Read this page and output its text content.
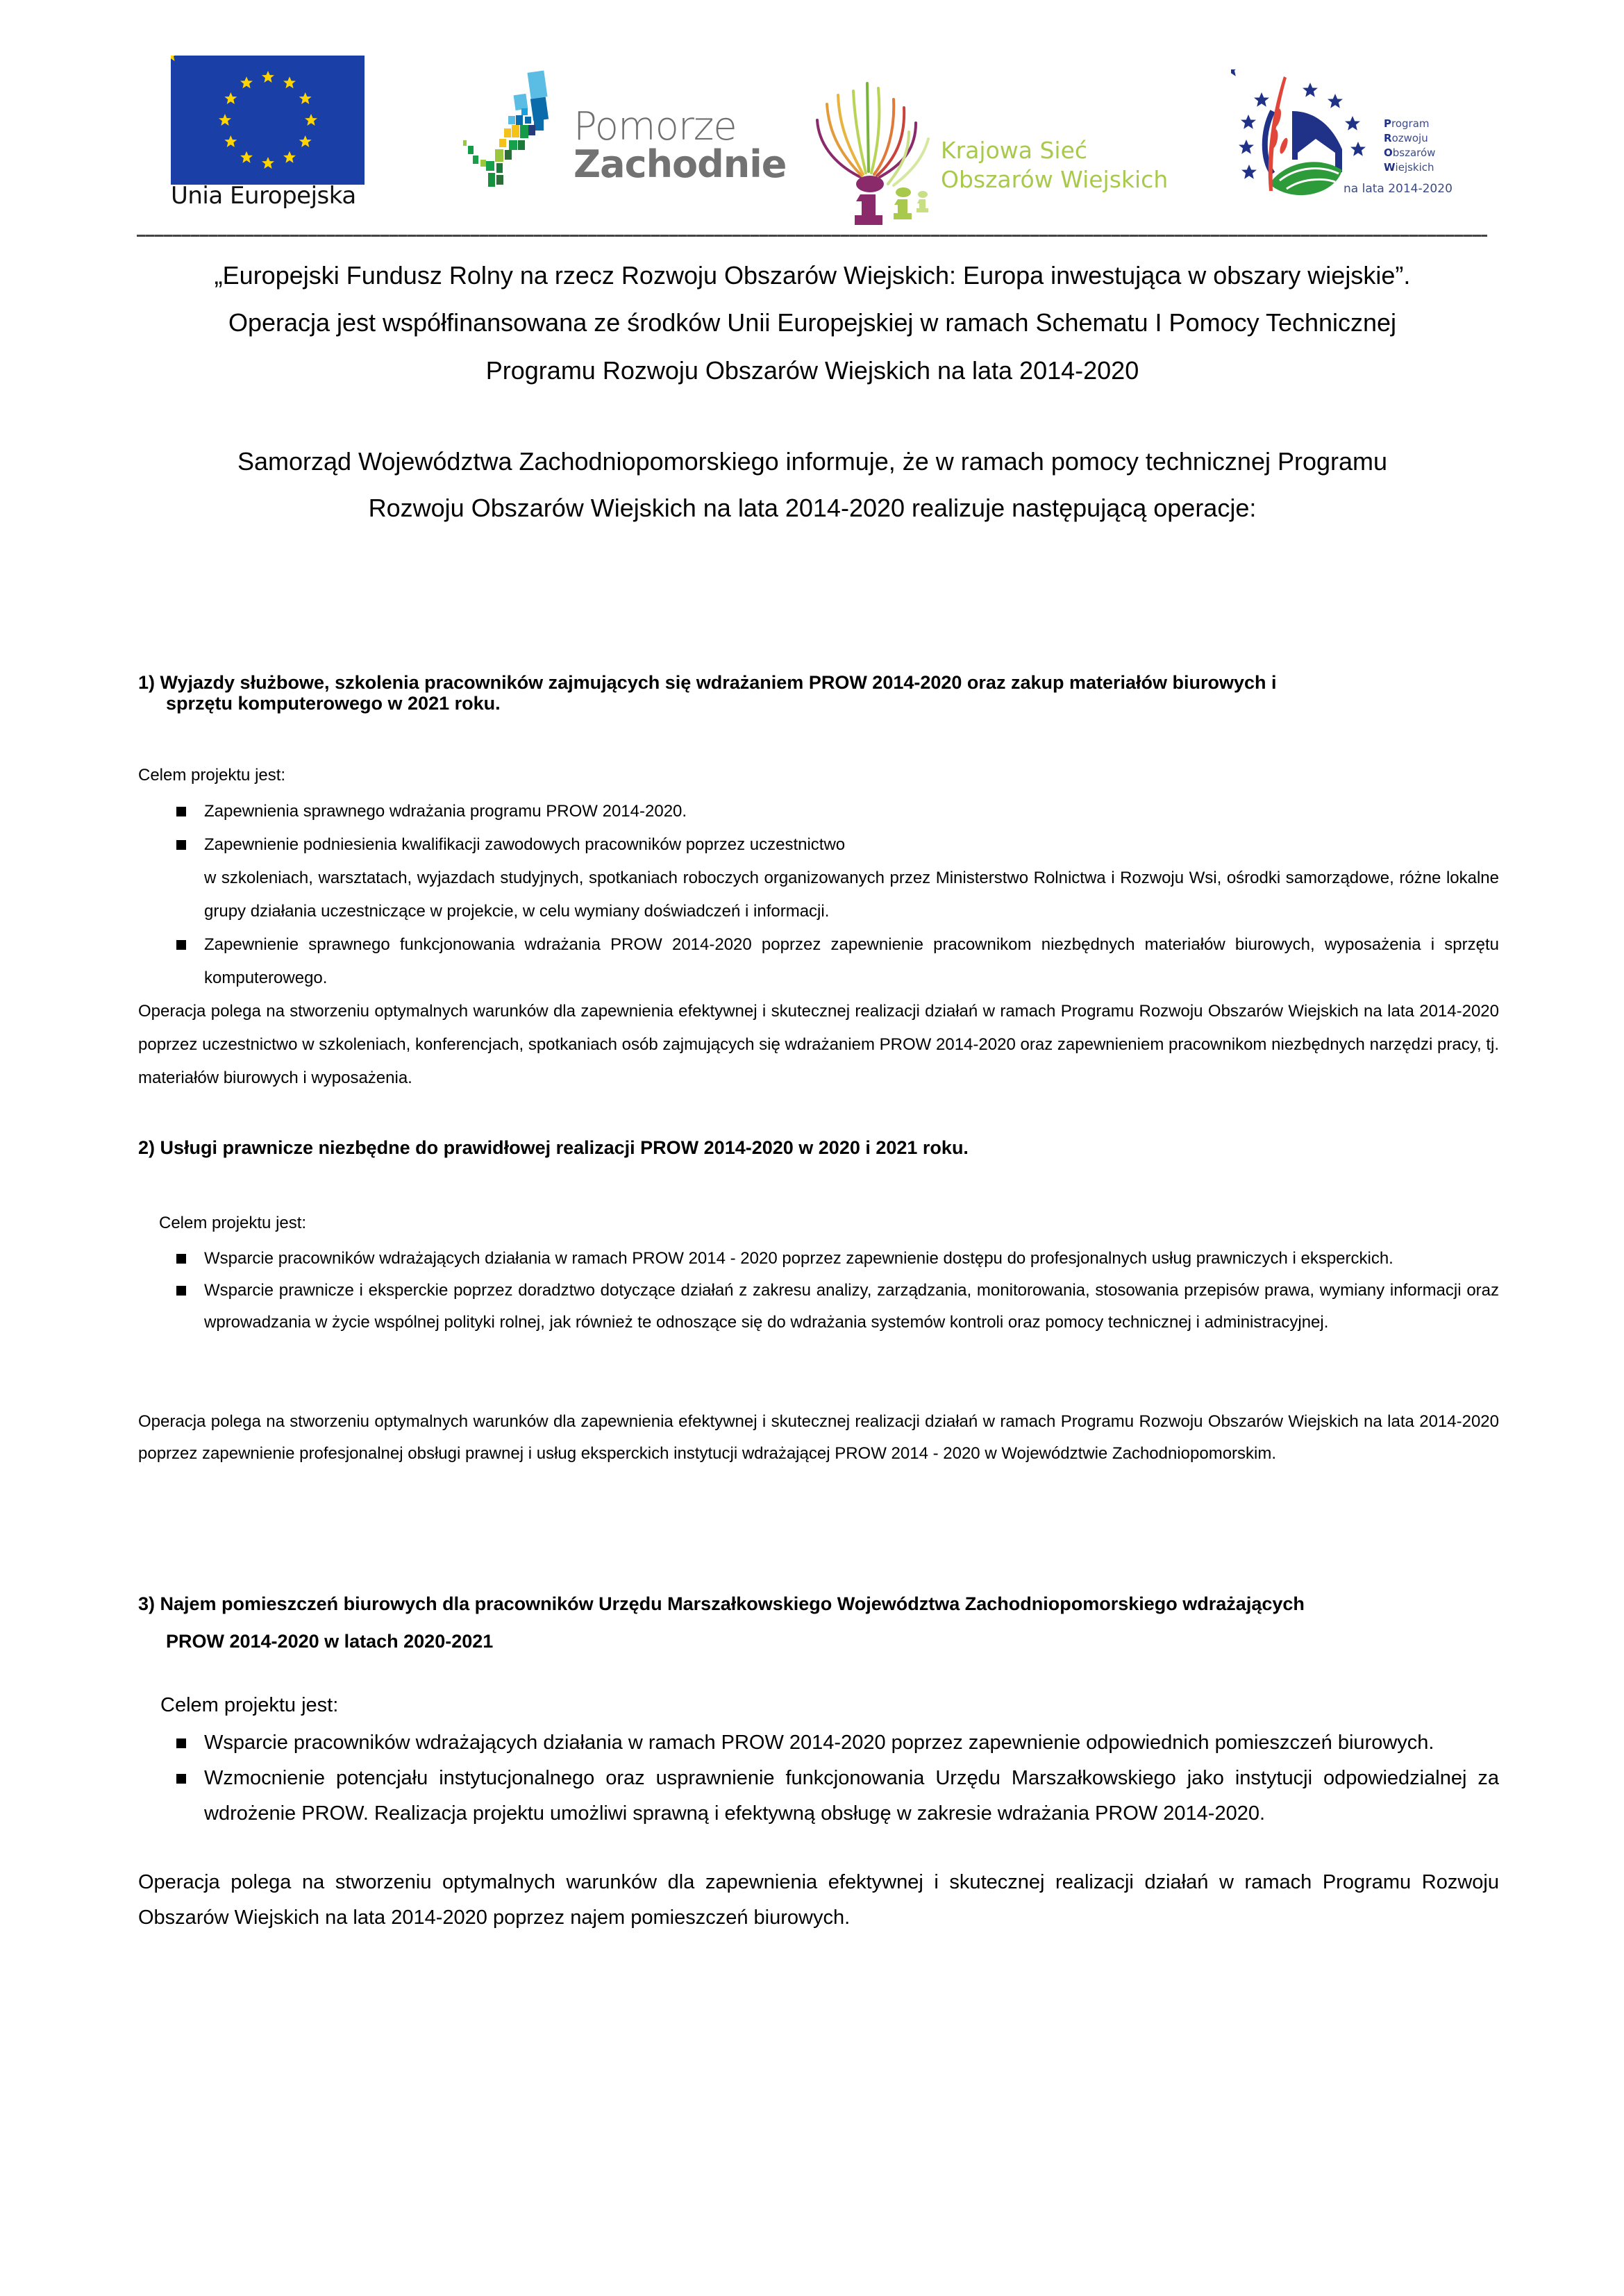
Unia Europejska
Pomorze
Zachodnie	Krajowa Sieć
Obszarów Wiejskich
Program
Rozwoju
Obszarów
Wiejskich
na lata 2014-2020
„Europejski Fundusz Rolny na rzecz Rozwoju Obszarów Wiejskich: Europa inwestująca w obszary wiejskie”.
Operacja jest współfinansowana ze środków Unii Europejskiej w ramach Schematu I Pomocy Technicznej
Programu Rozwoju Obszarów Wiejskich na lata 2014-2020
Samorząd Województwa Zachodniopomorskiego informuje, że w ramach pomocy technicznej Programu
Rozwoju Obszarów Wiejskich na lata 2014-2020 realizuje następującą operacje:
1) Wyjazdy służbowe, szkolenia pracowników zajmujących się wdrażaniem PROW 2014-2020 oraz zakup materiałów biurowych i
sprzętu komputerowego w 2021 roku.
Celem projektu jest:
Zapewnienia sprawnego wdrażania programu PROW 2014-2020.
Zapewnienie podniesienia kwalifikacji zawodowych pracowników poprzez uczestnictwo
w szkoleniach, warsztatach, wyjazdach studyjnych, spotkaniach roboczych organizowanych przez Ministerstwo Rolnictwa i Rozwoju Wsi, ośrodki samorządowe, różne lokalne grupy działania uczestniczące w projekcie, w celu wymiany doświadczeń i informacji.
Zapewnienie sprawnego funkcjonowania wdrażania PROW 2014-2020 poprzez zapewnienie pracownikom niezbędnych materiałów biurowych, wyposażenia i sprzętu komputerowego.
Operacja polega na stworzeniu optymalnych warunków dla zapewnienia efektywnej i skutecznej realizacji działań w ramach Programu Rozwoju Obszarów Wiejskich na lata 2014-2020 poprzez uczestnictwo w szkoleniach, konferencjach, spotkaniach osób zajmujących się wdrażaniem PROW 2014-2020 oraz zapewnieniem pracownikom niezbędnych narzędzi pracy, tj. materiałów biurowych i wyposażenia.
2) Usługi prawnicze niezbędne do prawidłowej realizacji PROW 2014-2020 w 2020 i 2021 roku.
Celem projektu jest:
Wsparcie pracowników wdrażających działania w ramach PROW 2014 - 2020 poprzez zapewnienie dostępu do profesjonalnych usług prawniczych i eksperckich.
Wsparcie prawnicze i eksperckie poprzez doradztwo dotyczące działań z zakresu analizy, zarządzania, monitorowania, stosowania przepisów prawa, wymiany informacji oraz wprowadzania w życie wspólnej polityki rolnej, jak również te odnoszące się do wdrażania systemów kontroli oraz pomocy technicznej i administracyjnej.
Operacja polega na stworzeniu optymalnych warunków dla zapewnienia efektywnej i skutecznej realizacji działań w ramach Programu Rozwoju Obszarów Wiejskich na lata 2014-2020 poprzez zapewnienie profesjonalnej obsługi prawnej i usług eksperckich instytucji wdrażającej PROW 2014 - 2020 w Województwie Zachodniopomorskim.
3) Najem pomieszczeń biurowych dla pracowników Urzędu Marszałkowskiego Województwa Zachodniopomorskiego wdrażających
PROW 2014-2020 w latach 2020-2021
Celem projektu jest:
Wsparcie pracowników wdrażających działania w ramach PROW 2014-2020 poprzez zapewnienie odpowiednich pomieszczeń biurowych.
Wzmocnienie potencjału instytucjonalnego oraz usprawnienie funkcjonowania Urzędu Marszałkowskiego jako instytucji odpowiedzialnej za wdrożenie PROW. Realizacja projektu umożliwi sprawną i efektywną obsługę w zakresie wdrażania PROW 2014-2020.
Operacja polega na stworzeniu optymalnych warunków dla zapewnienia efektywnej i skutecznej realizacji działań w ramach Programu Rozwoju Obszarów Wiejskich na lata 2014-2020 poprzez najem pomieszczeń biurowych.
